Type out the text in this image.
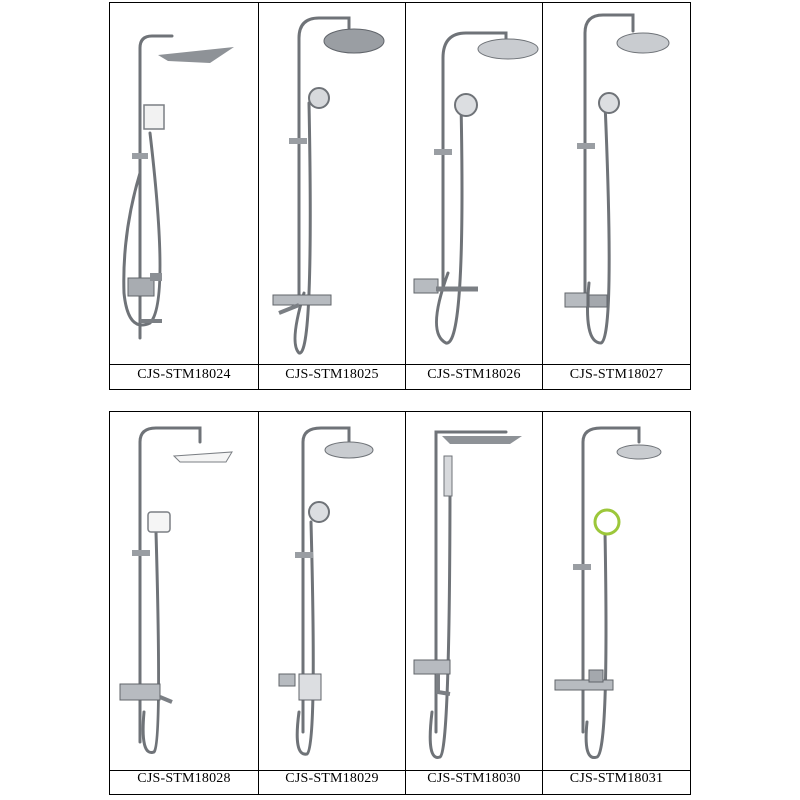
CJS-STM18024	CJS-STM18025	CJS-STM18026	CJS-STM18027
CJS-STM18028	CJS-STM18029	CJS-STM18030	CJS-STM18031
